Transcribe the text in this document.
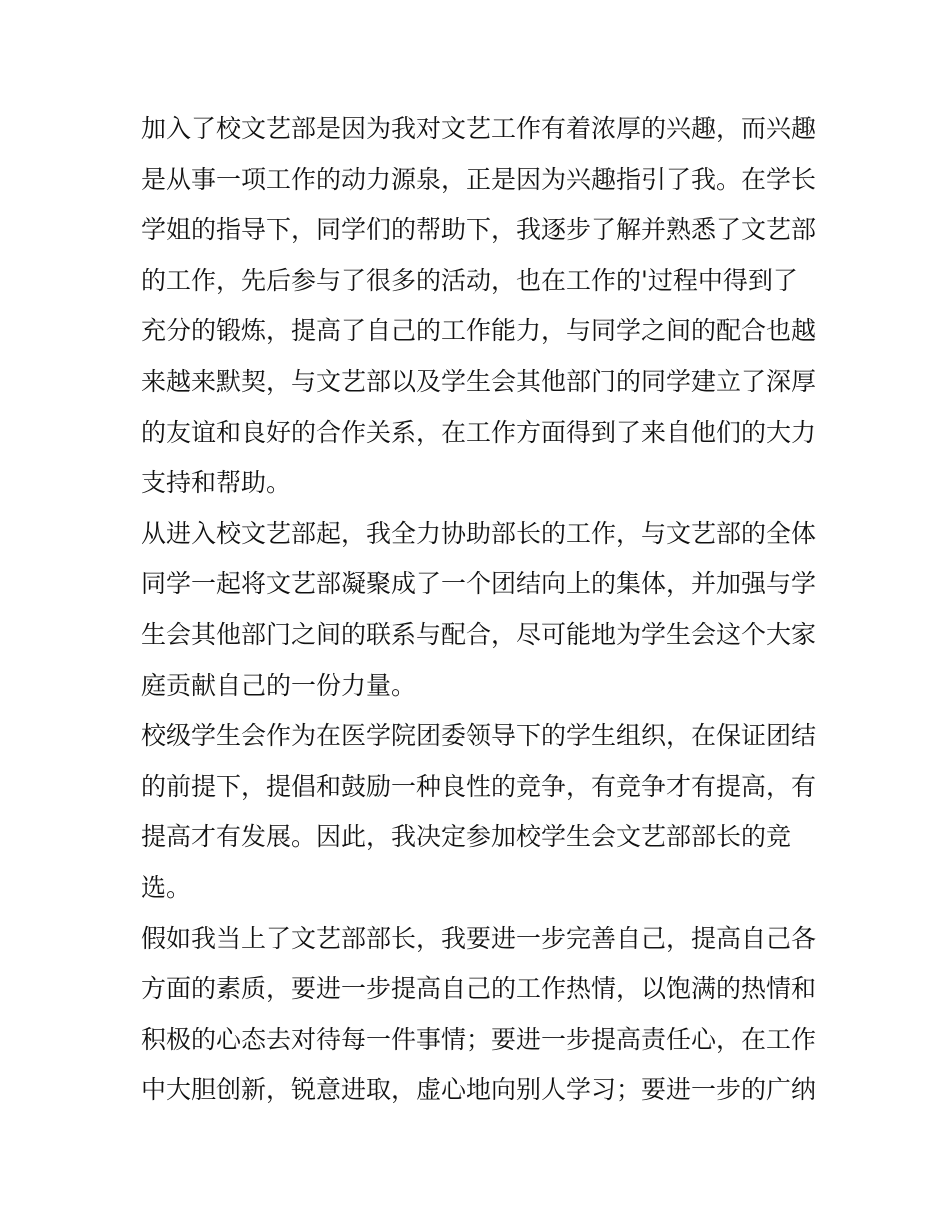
加入了校文艺部是因为我对文艺工作有着浓厚的兴趣，而兴趣
是从事一项工作的动力源泉，正是因为兴趣指引了我。在学长
学姐的指导下，同学们的帮助下，我逐步了解并熟悉了文艺部
的工作，先后参与了很多的活动，也在工作的'过程中得到了
充分的锻炼，提高了自己的工作能力，与同学之间的配合也越
来越来默契，与文艺部以及学生会其他部门的同学建立了深厚
的友谊和良好的合作关系，在工作方面得到了来自他们的大力
支持和帮助。
从进入校文艺部起，我全力协助部长的工作，与文艺部的全体
同学一起将文艺部凝聚成了一个团结向上的集体，并加强与学
生会其他部门之间的联系与配合，尽可能地为学生会这个大家
庭贡献自己的一份力量。
校级学生会作为在医学院团委领导下的学生组织，在保证团结
的前提下，提倡和鼓励一种良性的竞争，有竞争才有提高，有
提高才有发展。因此，我决定参加校学生会文艺部部长的竞
选。
假如我当上了文艺部部长，我要进一步完善自己，提高自己各
方面的素质，要进一步提高自己的工作热情，以饱满的热情和
积极的心态去对待每一件事情；要进一步提高责任心，在工作
中大胆创新，锐意进取，虚心地向别人学习；要进一步的广纳
